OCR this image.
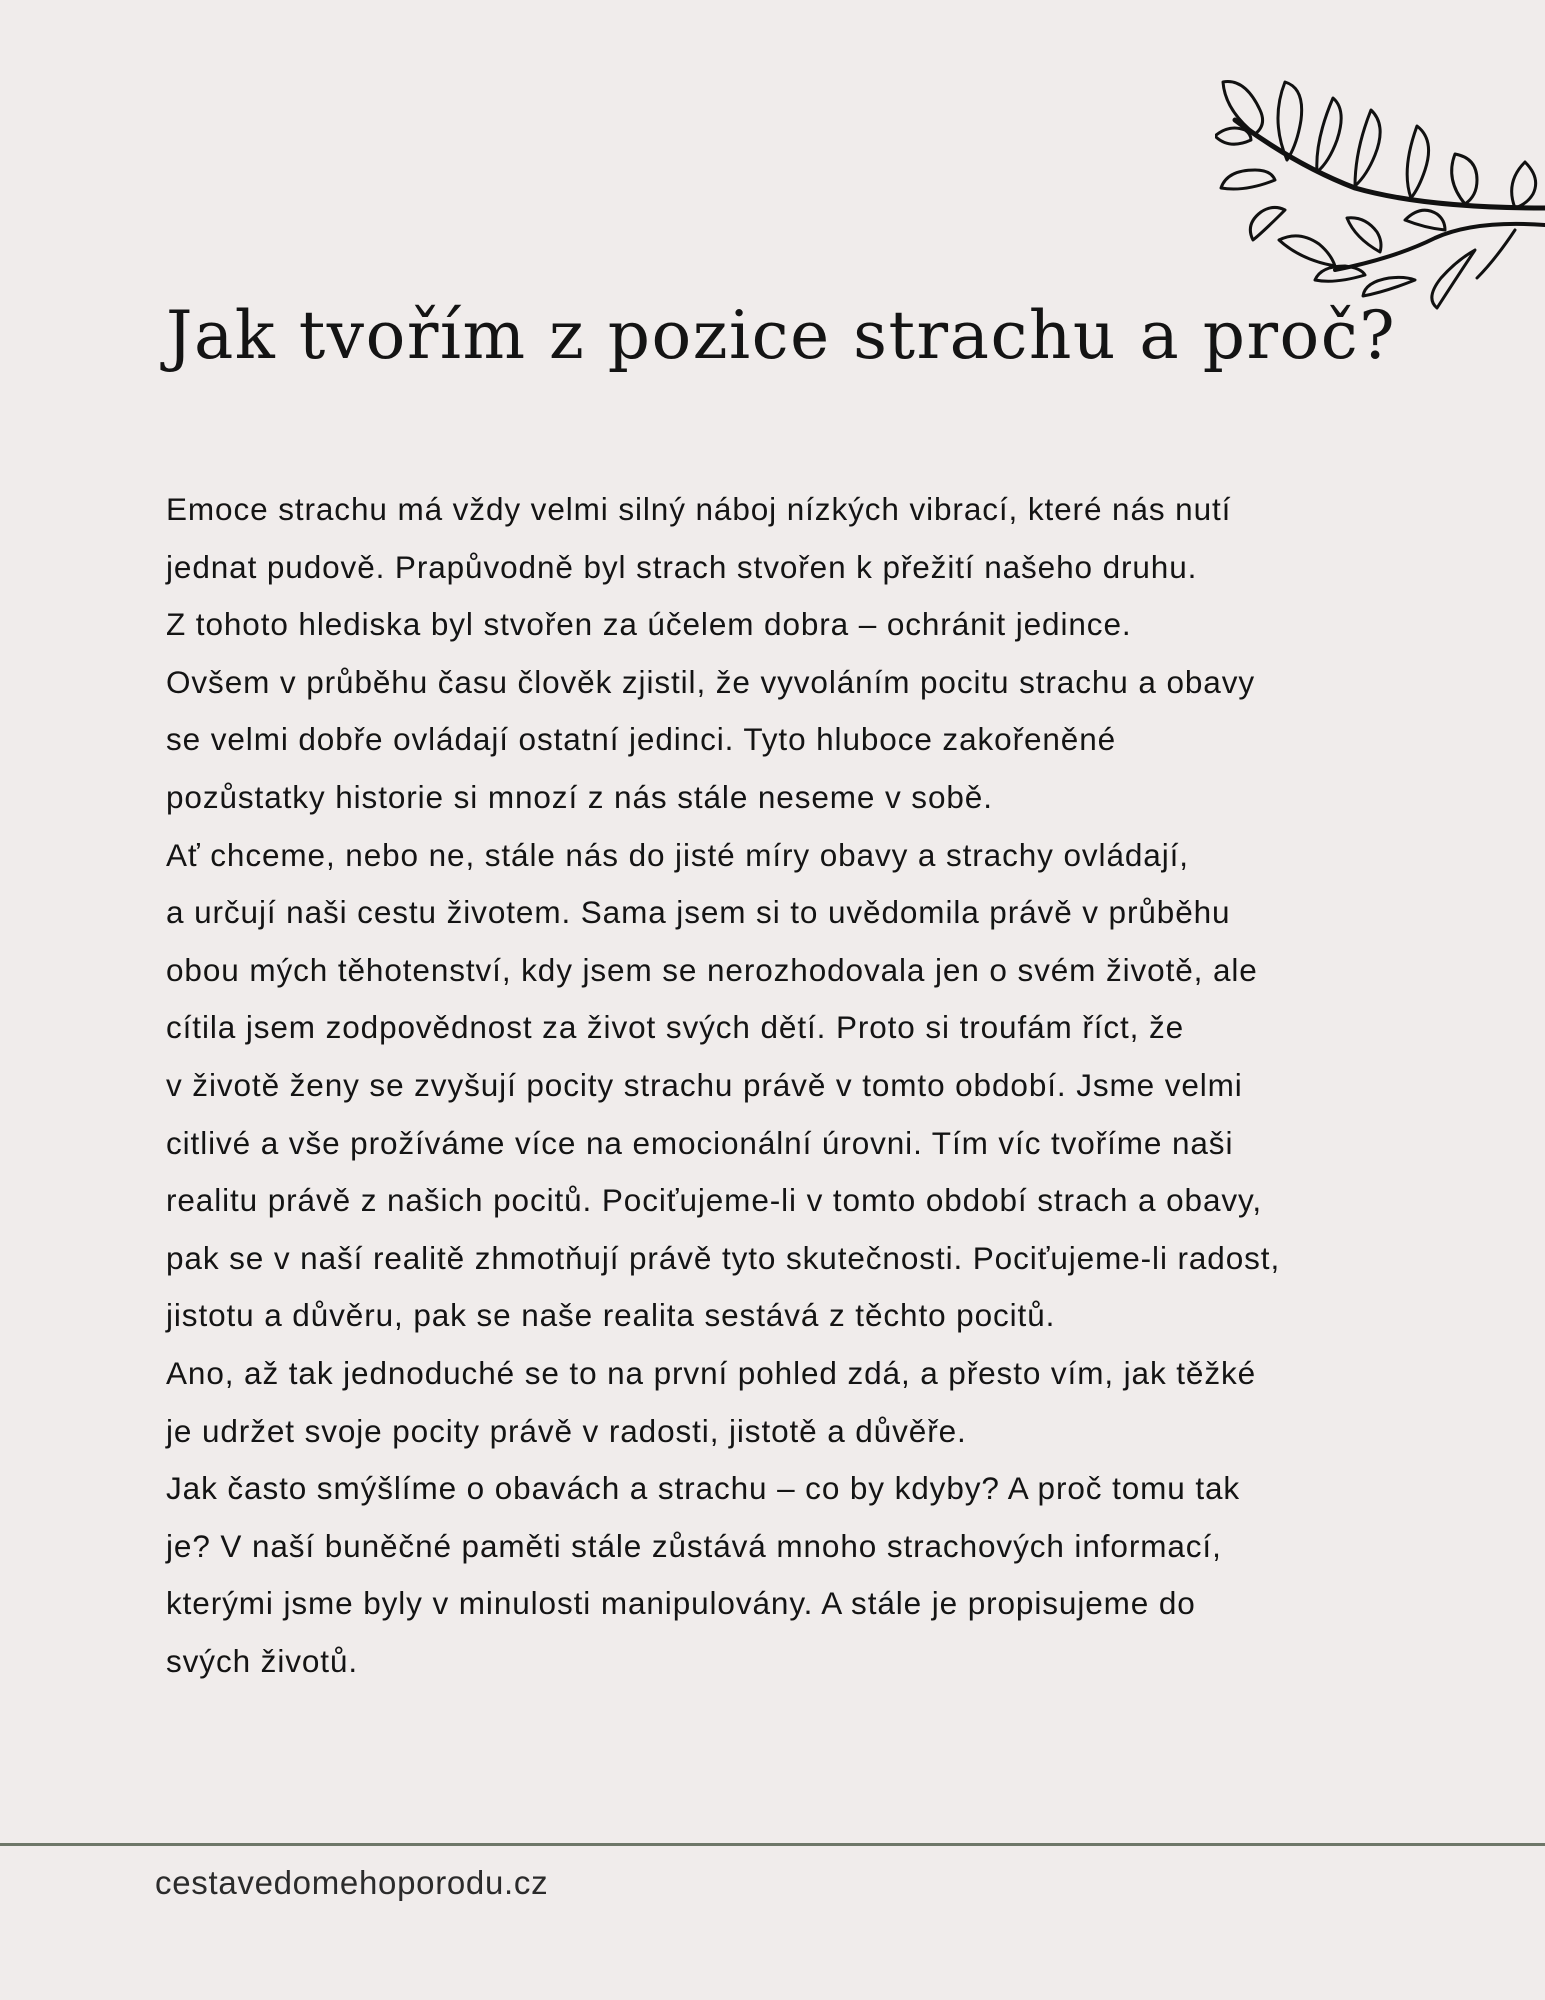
Jak tvořím z pozice strachu a proč?
Emoce strachu má vždy velmi silný náboj nízkých vibrací, které nás nutí
jednat pudově. Prapůvodně byl strach stvořen k přežití našeho druhu.
Z tohoto hlediska byl stvořen za účelem dobra – ochránit jedince.
Ovšem v průběhu času člověk zjistil, že vyvoláním pocitu strachu a obavy
se velmi dobře ovládají ostatní jedinci. Tyto hluboce zakořeněné
pozůstatky historie si mnozí z nás stále neseme v sobě.
Ať chceme, nebo ne, stále nás do jisté míry obavy a strachy ovládají,
a určují naši cestu životem. Sama jsem si to uvědomila právě v průběhu
obou mých těhotenství, kdy jsem se nerozhodovala jen o svém životě, ale
cítila jsem zodpovědnost za život svých dětí. Proto si troufám říct, že
v životě ženy se zvyšují pocity strachu právě v tomto období. Jsme velmi
citlivé a vše prožíváme více na emocionální úrovni. Tím víc tvoříme naši
realitu právě z našich pocitů. Pociťujeme-li v tomto období strach a obavy,
pak se v naší realitě zhmotňují právě tyto skutečnosti. Pociťujeme-li radost,
jistotu a důvěru, pak se naše realita sestává z těchto pocitů.
Ano, až tak jednoduché se to na první pohled zdá, a přesto vím, jak těžké
je udržet svoje pocity právě v radosti, jistotě a důvěře.
Jak často smýšlíme o obavách a strachu – co by kdyby? A proč tomu tak
je? V naší buněčné paměti stále zůstává mnoho strachových informací,
kterými jsme byly v minulosti manipulovány. A stále je propisujeme do
svých životů.
cestavedomehoporodu.cz
